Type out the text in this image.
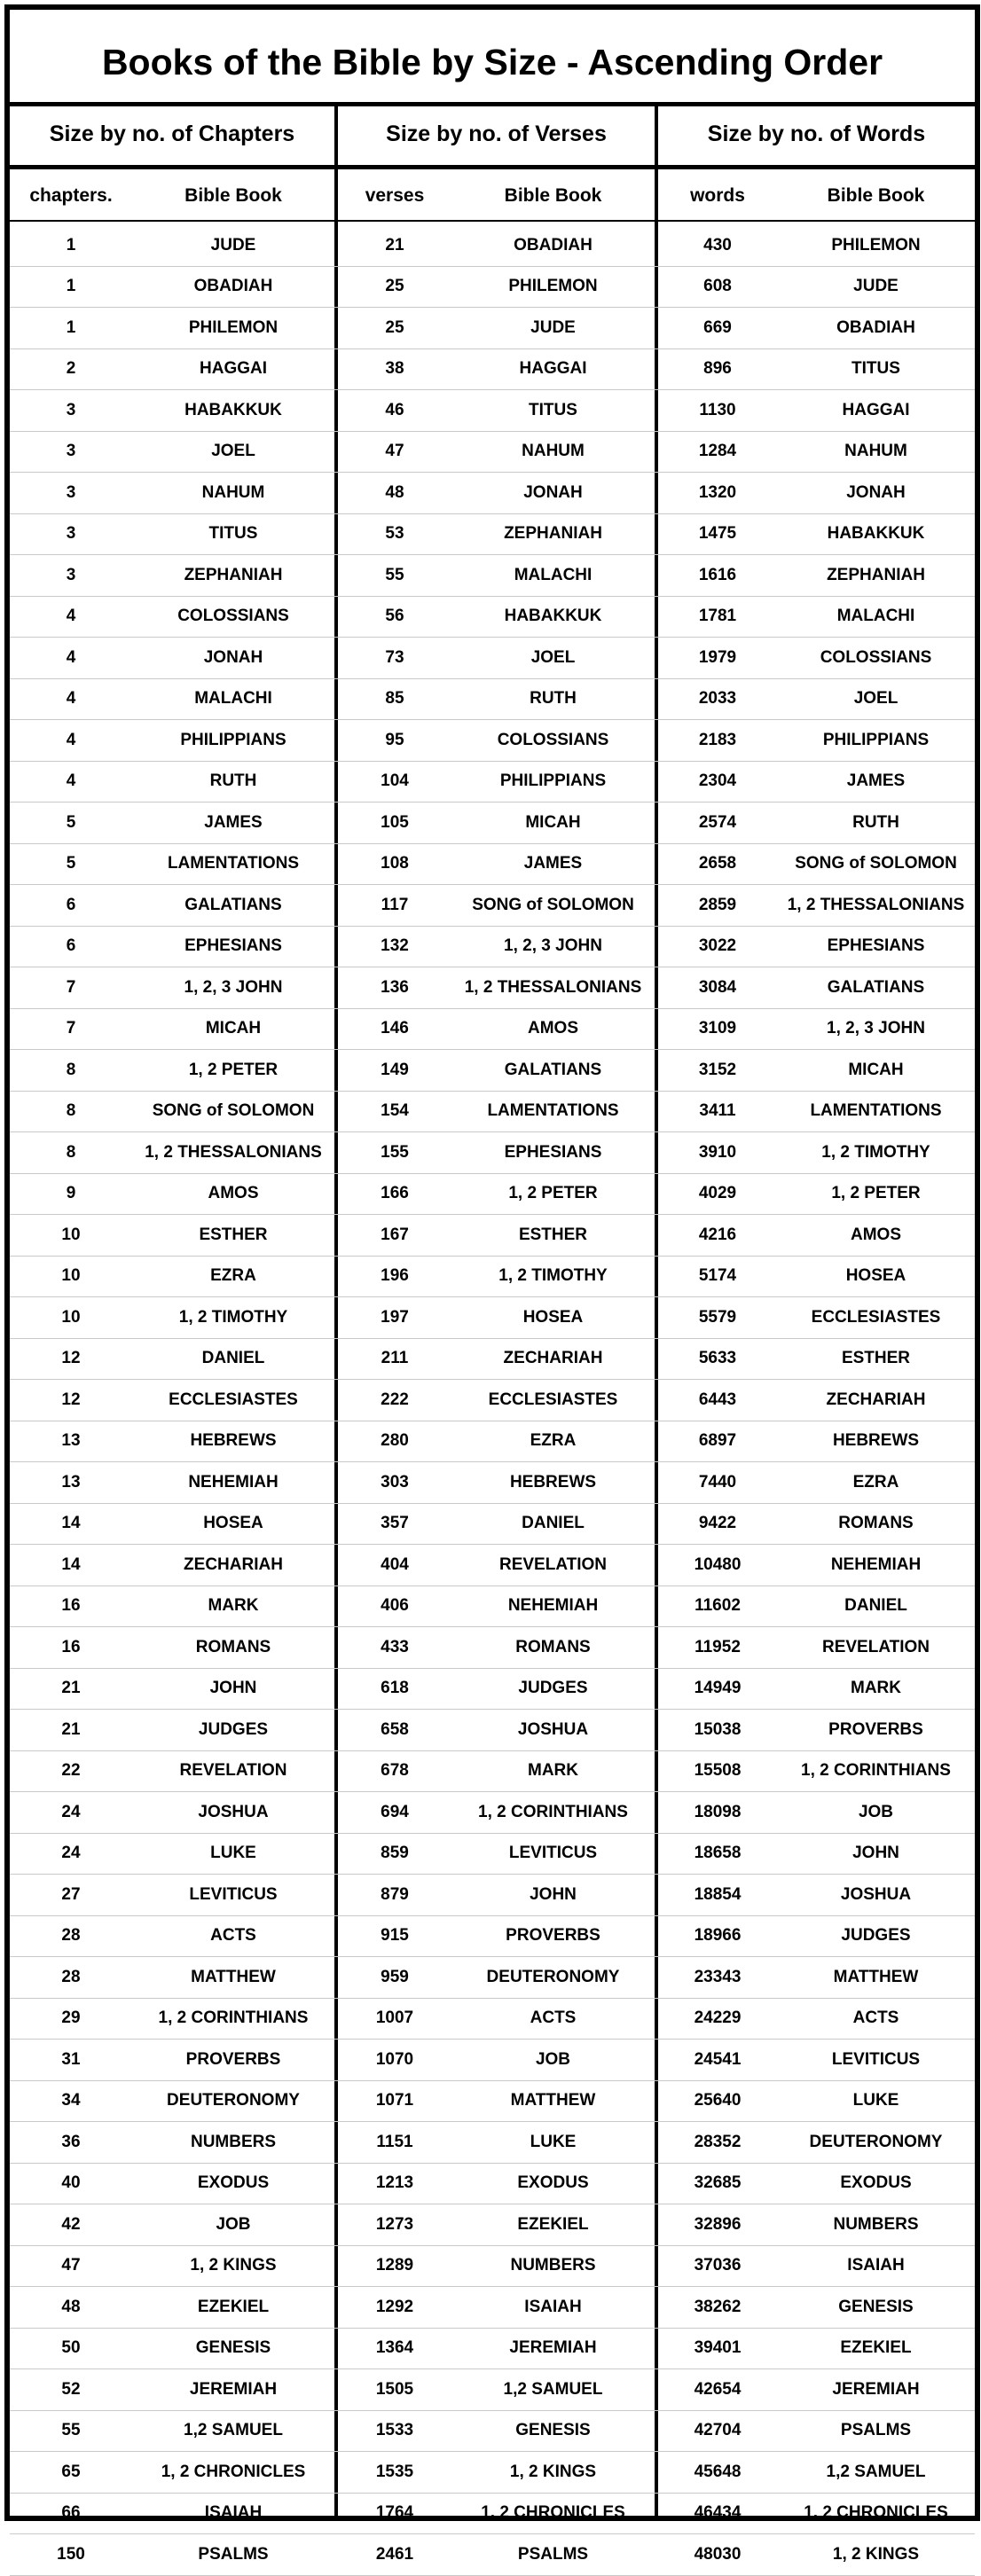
Books of the Bible by Size - Ascending Order
Size by no. of Chapters	Size by no. of Verses	Size by no. of Words
chapters.	Bible Book	verses	Bible Book	words	Bible Book
1	JUDE	21	OBADIAH	430	PHILEMON
1	OBADIAH	25	PHILEMON	608	JUDE
1	PHILEMON	25	JUDE	669	OBADIAH
2	HAGGAI	38	HAGGAI	896	TITUS
3	HABAKKUK	46	TITUS	1130	HAGGAI
3	JOEL	47	NAHUM	1284	NAHUM
3	NAHUM	48	JONAH	1320	JONAH
3	TITUS	53	ZEPHANIAH	1475	HABAKKUK
3	ZEPHANIAH	55	MALACHI	1616	ZEPHANIAH
4	COLOSSIANS	56	HABAKKUK	1781	MALACHI
4	JONAH	73	JOEL	1979	COLOSSIANS
4	MALACHI	85	RUTH	2033	JOEL
4	PHILIPPIANS	95	COLOSSIANS	2183	PHILIPPIANS
4	RUTH	104	PHILIPPIANS	2304	JAMES
5	JAMES	105	MICAH	2574	RUTH
5	LAMENTATIONS	108	JAMES	2658	SONG of SOLOMON
6	GALATIANS	117	SONG of SOLOMON	2859	1, 2 THESSALONIANS
6	EPHESIANS	132	1, 2, 3 JOHN	3022	EPHESIANS
7	1, 2, 3 JOHN	136	1, 2 THESSALONIANS	3084	GALATIANS
7	MICAH	146	AMOS	3109	1, 2, 3 JOHN
8	1, 2 PETER	149	GALATIANS	3152	MICAH
8	SONG of SOLOMON	154	LAMENTATIONS	3411	LAMENTATIONS
8	1, 2 THESSALONIANS	155	EPHESIANS	3910	1, 2 TIMOTHY
9	AMOS	166	1, 2 PETER	4029	1, 2 PETER
10	ESTHER	167	ESTHER	4216	AMOS
10	EZRA	196	1, 2 TIMOTHY	5174	HOSEA
10	1, 2 TIMOTHY	197	HOSEA	5579	ECCLESIASTES
12	DANIEL	211	ZECHARIAH	5633	ESTHER
12	ECCLESIASTES	222	ECCLESIASTES	6443	ZECHARIAH
13	HEBREWS	280	EZRA	6897	HEBREWS
13	NEHEMIAH	303	HEBREWS	7440	EZRA
14	HOSEA	357	DANIEL	9422	ROMANS
14	ZECHARIAH	404	REVELATION	10480	NEHEMIAH
16	MARK	406	NEHEMIAH	11602	DANIEL
16	ROMANS	433	ROMANS	11952	REVELATION
21	JOHN	618	JUDGES	14949	MARK
21	JUDGES	658	JOSHUA	15038	PROVERBS
22	REVELATION	678	MARK	15508	1, 2 CORINTHIANS
24	JOSHUA	694	1, 2 CORINTHIANS	18098	JOB
24	LUKE	859	LEVITICUS	18658	JOHN
27	LEVITICUS	879	JOHN	18854	JOSHUA
28	ACTS	915	PROVERBS	18966	JUDGES
28	MATTHEW	959	DEUTERONOMY	23343	MATTHEW
29	1, 2 CORINTHIANS	1007	ACTS	24229	ACTS
31	PROVERBS	1070	JOB	24541	LEVITICUS
34	DEUTERONOMY	1071	MATTHEW	25640	LUKE
36	NUMBERS	1151	LUKE	28352	DEUTERONOMY
40	EXODUS	1213	EXODUS	32685	EXODUS
42	JOB	1273	EZEKIEL	32896	NUMBERS
47	1, 2 KINGS	1289	NUMBERS	37036	ISAIAH
48	EZEKIEL	1292	ISAIAH	38262	GENESIS
50	GENESIS	1364	JEREMIAH	39401	EZEKIEL
52	JEREMIAH	1505	1,2 SAMUEL	42654	JEREMIAH
55	1,2 SAMUEL	1533	GENESIS	42704	PSALMS
65	1, 2 CHRONICLES	1535	1, 2 KINGS	45648	1,2 SAMUEL
66	ISAIAH	1764	1, 2 CHRONICLES	46434	1, 2 CHRONICLES
150	PSALMS	2461	PSALMS	48030	1, 2 KINGS
